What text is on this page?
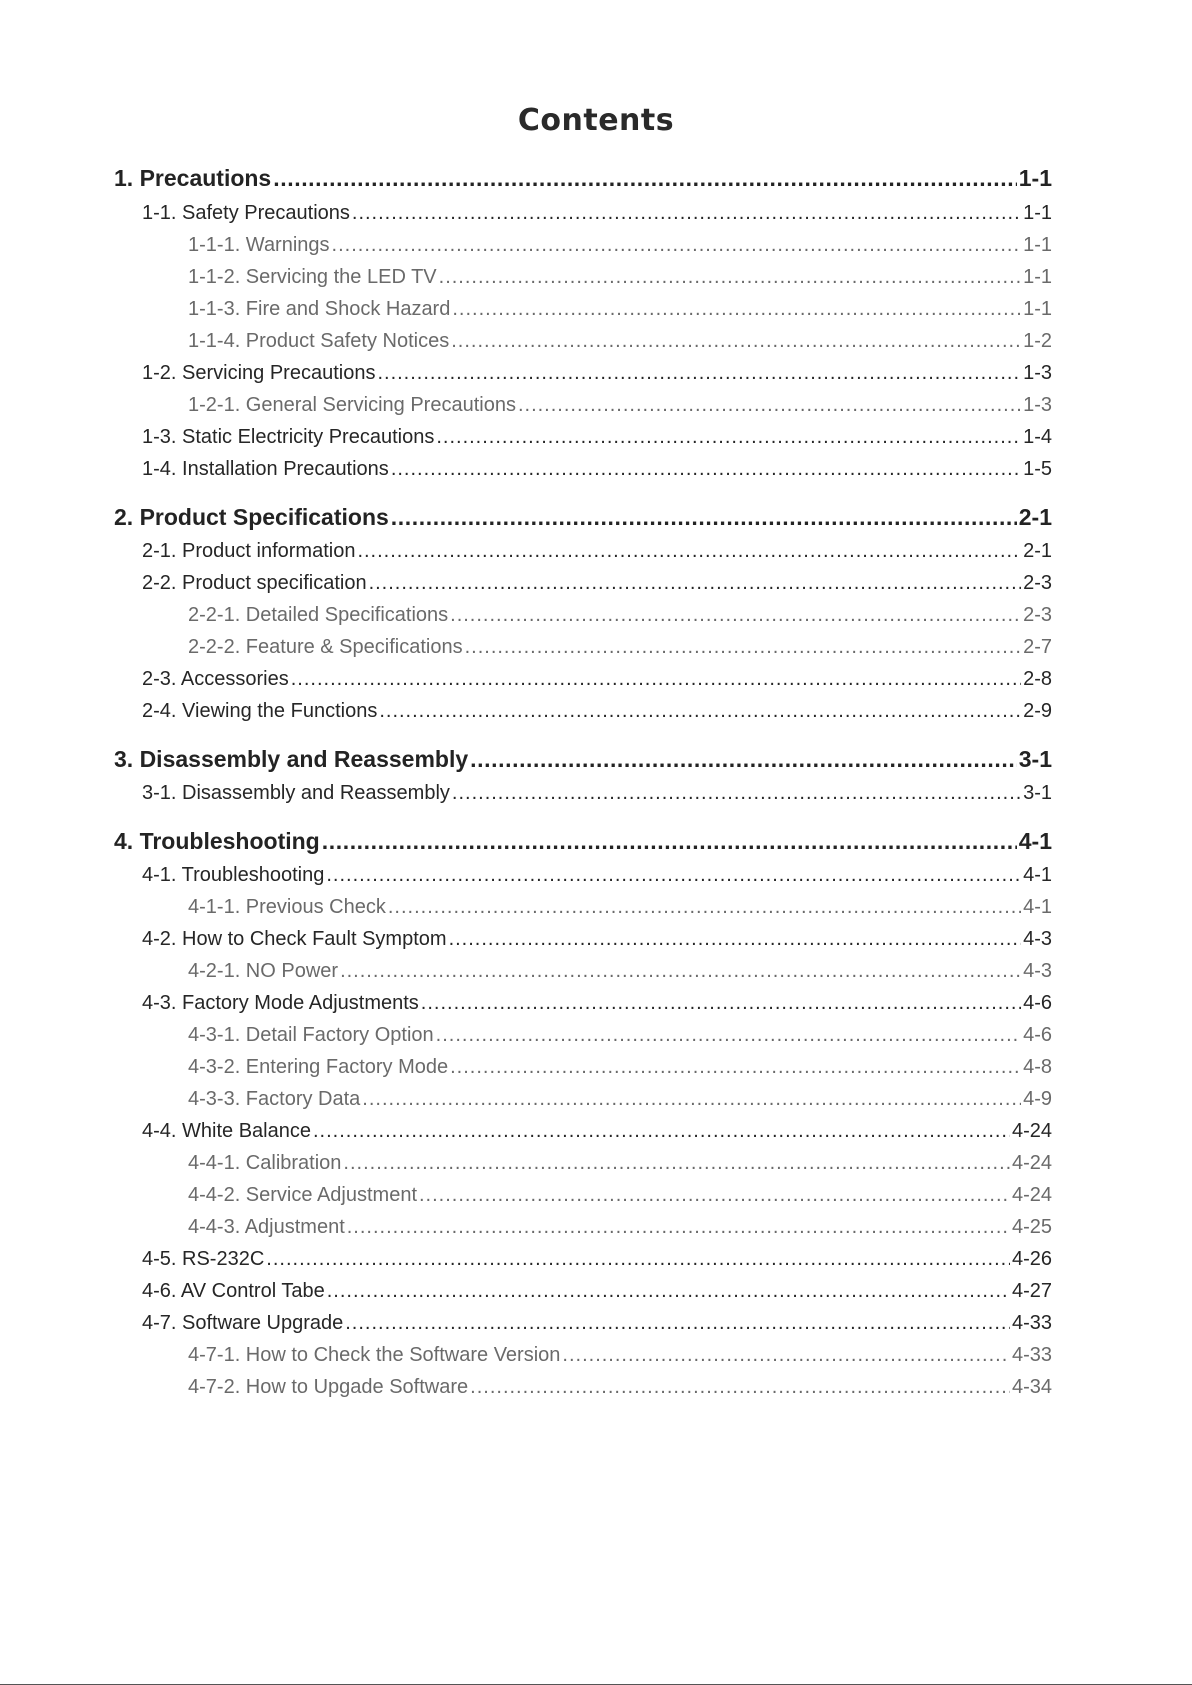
Contents
1. Precautions .....	1-1
1-1. Safety Precautions .....	1-1
1-1-1. Warnings .....	1-1
1-1-2. Servicing the LED TV .....	1-1
1-1-3. Fire and Shock Hazard .....	1-1
1-1-4. Product Safety Notices .....	1-2
1-2. Servicing Precautions .....	1-3
1-2-1. General Servicing Precautions .....	1-3
1-3. Static Electricity Precautions .....	1-4
1-4. Installation Precautions .....	1-5
2. Product Specifications .....	2-1
2-1. Product information .....	2-1
2-2. Product specification .....	2-3
2-2-1. Detailed Specifications .....	2-3
2-2-2. Feature & Specifications .....	2-7
2-3. Accessories .....	2-8
2-4. Viewing the Functions .....	2-9
3. Disassembly and Reassembly .....	3-1
3-1. Disassembly and Reassembly .....	3-1
4. Troubleshooting .....	4-1
4-1. Troubleshooting .....	4-1
4-1-1. Previous Check .....	4-1
4-2. How to Check Fault Symptom .....	4-3
4-2-1. NO Power .....	4-3
4-3. Factory Mode Adjustments .....	4-6
4-3-1. Detail Factory Option .....	4-6
4-3-2. Entering Factory Mode .....	4-8
4-3-3. Factory Data .....	4-9
4-4. White Balance .....	4-24
4-4-1. Calibration .....	4-24
4-4-2. Service Adjustment .....	4-24
4-4-3. Adjustment .....	4-25
4-5. RS-232C .....	4-26
4-6. AV Control Tabe .....	4-27
4-7. Software Upgrade .....	4-33
4-7-1. How to Check the Software Version .....	4-33
4-7-2. How to Upgade Software .....	4-34
